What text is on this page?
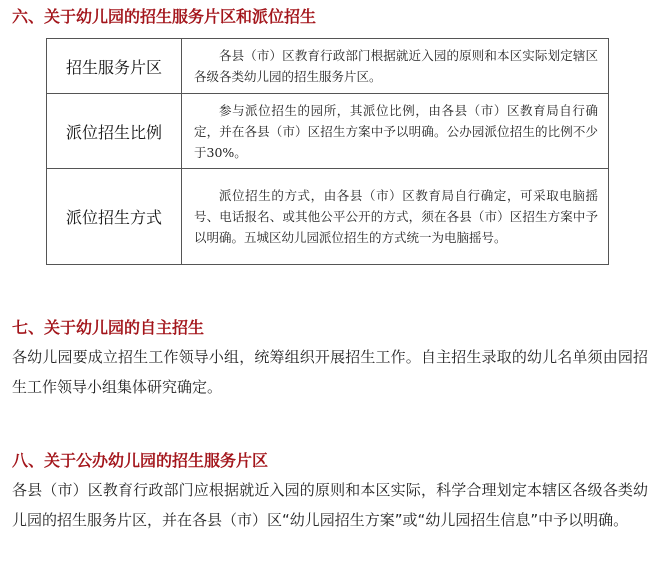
六、关于幼儿园的招生服务片区和派位招生
招生服务片区	各县（市）区教育行政部门根据就近入园的原则和本区实际划定辖区各级各类幼儿园的招生服务片区。
派位招生比例	参与派位招生的园所，其派位比例，由各县（市）区教育局自行确定，并在各县（市）区招生方案中予以明确。公办园派位招生的比例不少于30%。
派位招生方式	派位招生的方式，由各县（市）区教育局自行确定，可采取电脑摇号、电话报名、或其他公平公开的方式，须在各县（市）区招生方案中予以明确。五城区幼儿园派位招生的方式统一为电脑摇号。
七、关于幼儿园的自主招生

各幼儿园要成立招生工作领导小组，统筹组织开展招生工作。自主招生录取的幼儿名单须由园招生工作领导小组集体研究确定。

八、关于公办幼儿园的招生服务片区

各县（市）区教育行政部门应根据就近入园的原则和本区实际，科学合理划定本辖区各级各类幼儿园的招生服务片区，并在各县（市）区“幼儿园招生方案”或“幼儿园招生信息”中予以明确。
